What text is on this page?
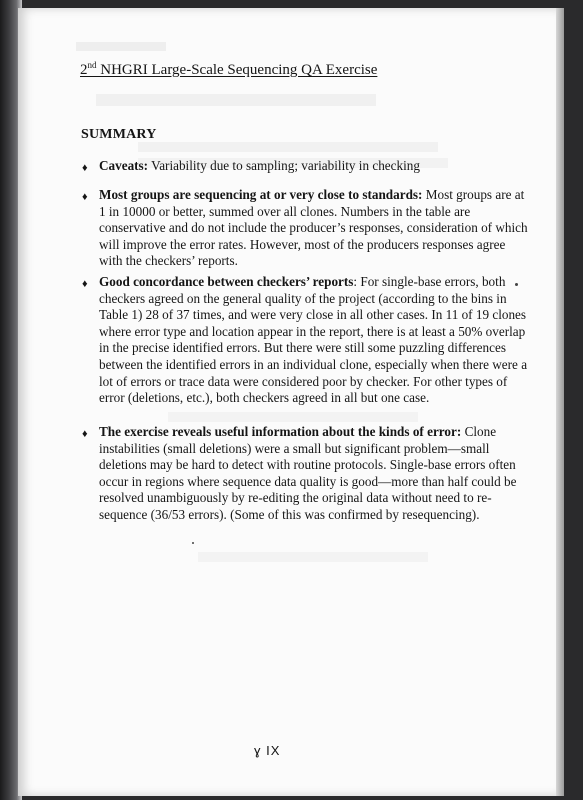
2nd NHGRI Large-Scale Sequencing QA Exercise
SUMMARY
♦ Caveats: Variability due to sampling; variability in checking
♦ Most groups are sequencing at or very close to standards: Most groups are at 1 in 10000 or better, summed over all clones. Numbers in the table are conservative and do not include the producer’s responses, consideration of which will improve the error rates. However, most of the producers responses agree with the checkers’ reports.
♦ Good concordance between checkers’ reports: For single-base errors, both checkers agreed on the general quality of the project (according to the bins in Table 1) 28 of 37 times, and were very close in all other cases. In 11 of 19 clones where error type and location appear in the report, there is at least a 50% overlap in the precise identified errors. But there were still some puzzling differences between the identified errors in an individual clone, especially when there were a lot of errors or trace data were considered poor by checker. For other types of error (deletions, etc.), both checkers agreed in all but one case.
♦ The exercise reveals useful information about the kinds of error: Clone instabilities (small deletions) were a small but significant problem—small deletions may be hard to detect with routine protocols. Single-base errors often occur in regions where sequence data quality is good—more than half could be resolved unambiguously by re-editing the original data without need to re-sequence (36/53 errors). (Some of this was confirmed by resequencing).
ɣ IX
